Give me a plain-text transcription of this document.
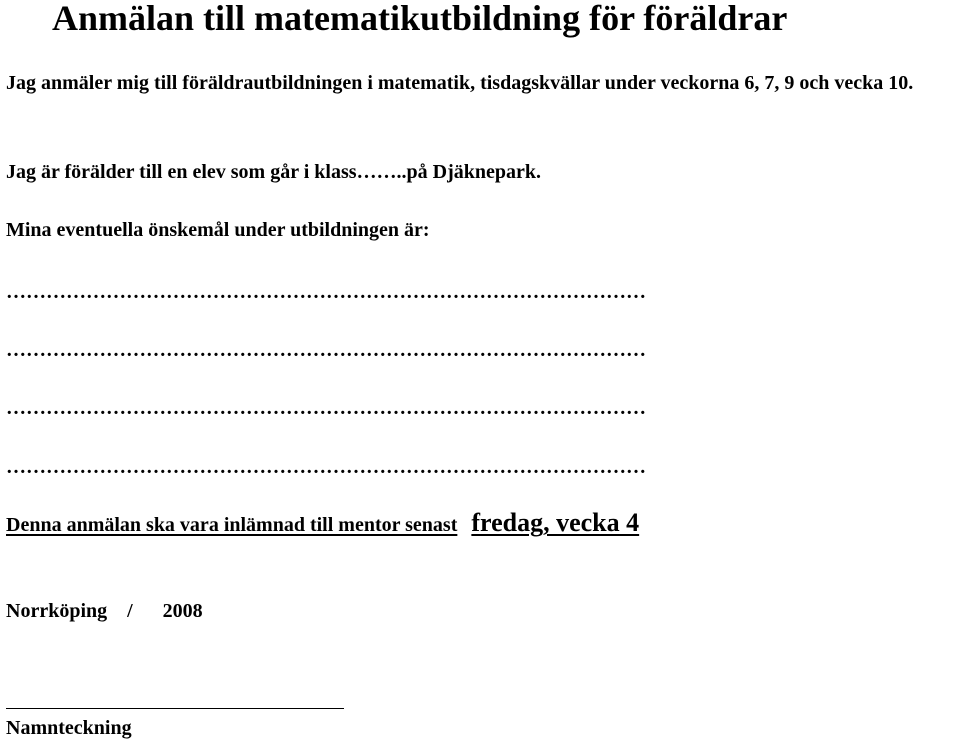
Anmälan till matematikutbildning för föräldrar
Jag anmäler mig till föräldrautbildningen i matematik, tisdagskvällar under veckorna 6, 7, 9 och vecka 10.
Jag är förälder till en elev som går i klass……..på Djäknepark.
Mina eventuella önskemål under utbildningen är:
……………………………………………………………………………………
……………………………………………………………………………………
……………………………………………………………………………………
……………………………………………………………………………………
Denna anmälan ska vara inlämnad till mentor senast fredag, vecka 4
Norrköping    /      2008
Namnteckning
